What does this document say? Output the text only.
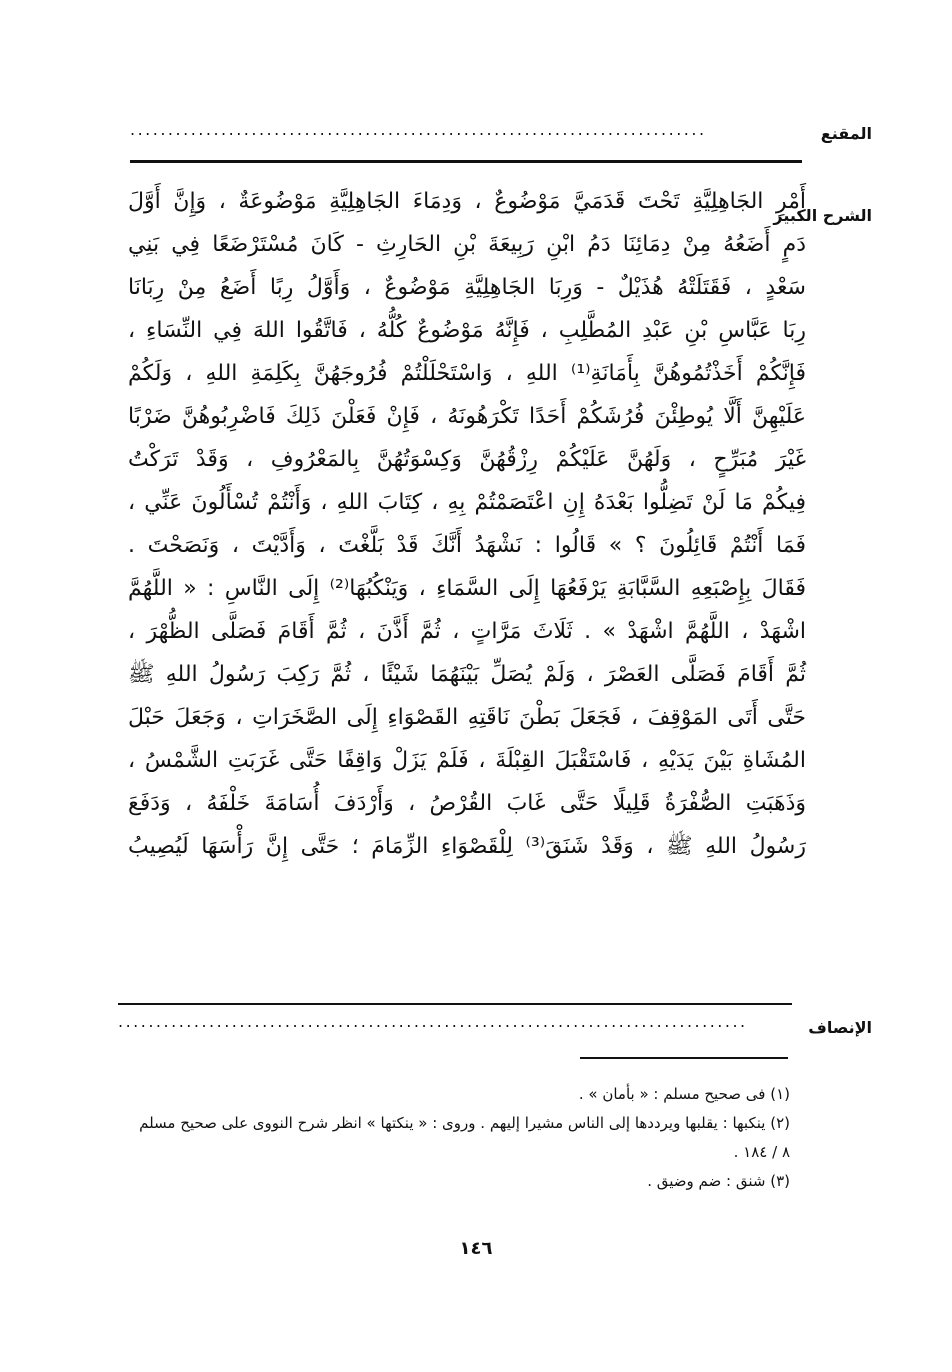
المقنع
............................................................................
الشرح الكبير
أَمْرِ الجَاهِلِيَّةِ تَحْتَ قَدَمَيَّ مَوْضُوعٌ ، وَدِمَاءَ الجَاهِلِيَّةِ مَوْضُوعَةٌ ، وَإِنَّ أَوَّلَ
دَمٍ أَضَعُهُ مِنْ دِمَائِنَا دَمُ ابْنِ رَبِيعَةَ بْنِ الحَارِثِ - كَانَ مُسْتَرْضَعًا فِي بَنِي
سَعْدٍ ، فَقَتَلَتْهُ هُذَيْلٌ - وَرِبَا الجَاهِلِيَّةِ مَوْضُوعٌ ، وَأَوَّلُ رِبًا أَضَعُ مِنْ رِبَانَا
رِبَا عَبَّاسِ بْنِ عَبْدِ المُطَّلِبِ ، فَإِنَّهُ مَوْضُوعٌ كُلُّهُ ، فَاتَّقُوا اللهَ فِي النِّسَاءِ ،
فَإِنَّكُمْ أَخَذْتُمُوهُنَّ بِأَمَانَةِ⁽¹⁾ اللهِ ، وَاسْتَحْلَلْتُمْ فُرُوجَهُنَّ بِكَلِمَةِ اللهِ ، وَلَكُمْ
عَلَيْهِنَّ أَلَّا يُوطِئْنَ فُرُشَكُمْ أَحَدًا تَكْرَهُونَهُ ، فَإِنْ فَعَلْنَ ذَلِكَ فَاضْرِبُوهُنَّ ضَرْبًا
غَيْرَ مُبَرِّحٍ ، وَلَهُنَّ عَلَيْكُمْ رِزْقُهُنَّ وَكِسْوَتُهُنَّ بِالمَعْرُوفِ ، وَقَدْ تَرَكْتُ
فِيكُمْ مَا لَنْ تَضِلُّوا بَعْدَهُ إِنِ اعْتَصَمْتُمْ بِهِ ، كِتَابَ اللهِ ، وَأَنْتُمْ تُسْأَلُونَ عَنِّي ،
فَمَا أَنْتُمْ قَائِلُونَ ؟ » قَالُوا : نَشْهَدُ أَنَّكَ قَدْ بَلَّغْتَ ، وَأَدَّيْتَ ، وَنَصَحْتَ .
فَقَالَ بِإِصْبَعِهِ السَّبَّابَةِ يَرْفَعُهَا إِلَى السَّمَاءِ ، وَيَنْكُبُهَا⁽²⁾ إِلَى النَّاسِ : « اللَّهُمَّ
اشْهَدْ ، اللَّهُمَّ اشْهَدْ » . ثَلَاثَ مَرَّاتٍ ، ثُمَّ أَذَّنَ ، ثُمَّ أَقَامَ فَصَلَّى الظُّهْرَ ،
ثُمَّ أَقَامَ فَصَلَّى العَصْرَ ، وَلَمْ يُصَلِّ بَيْنَهُمَا شَيْئًا ، ثُمَّ رَكِبَ رَسُولُ اللهِ ﷺ
حَتَّى أَتَى المَوْقِفَ ، فَجَعَلَ بَطْنَ نَاقَتِهِ القَصْوَاءِ إِلَى الصَّخَرَاتِ ، وَجَعَلَ حَبْلَ
المُشَاةِ بَيْنَ يَدَيْهِ ، فَاسْتَقْبَلَ القِبْلَةَ ، فَلَمْ يَزَلْ وَاقِفًا حَتَّى غَرَبَتِ الشَّمْسُ ،
وَذَهَبَتِ الصُّفْرَةُ قَلِيلًا حَتَّى غَابَ القُرْصُ ، وَأَرْدَفَ أُسَامَةَ خَلْفَهُ ، وَدَفَعَ
رَسُولُ اللهِ ﷺ ، وَقَدْ شَنَقَ⁽³⁾ لِلْقَصْوَاءِ الزِّمَامَ ؛ حَتَّى إِنَّ رَأْسَهَا لَيُصِيبُ
الإنصاف
...................................................................................
(١) فى صحيح مسلم : « بأمان » .
(٢) ينكبها : يقلبها ويرددها إلى الناس مشيرا إليهم . وروى : « ينكتها » انظر شرح النووى على صحيح مسلم
٨ / ١٨٤ .
(٣) شنق : ضم وضيق .
١٤٦
